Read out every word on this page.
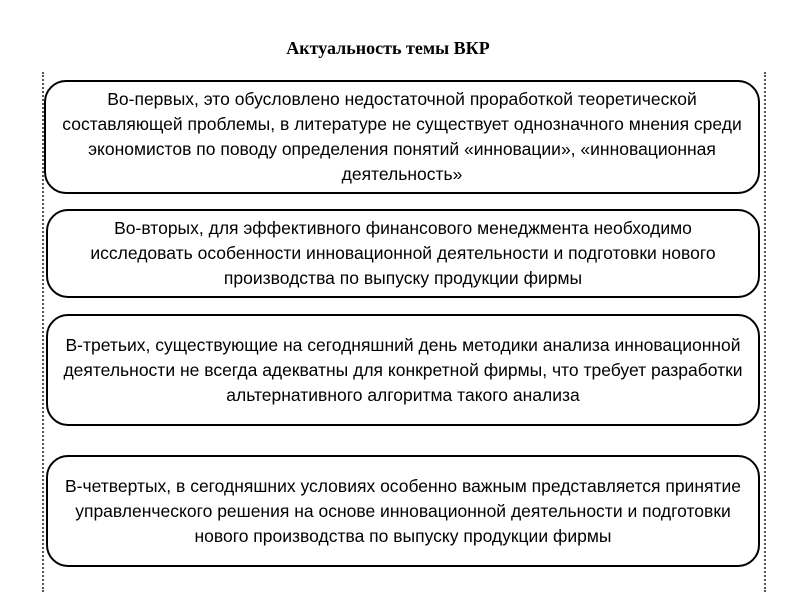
Актуальность темы ВКР
Во-первых, это обусловлено недостаточной проработкой теоретической составляющей проблемы, в литературе не существует однозначного мнения среди экономистов по поводу определения понятий «инновации», «инновационная деятельность»
Во-вторых, для эффективного финансового менеджмента необходимо исследовать особенности инновационной деятельности и подготовки нового производства по выпуску продукции фирмы
В-третьих, существующие на сегодняшний день методики анализа инновационной деятельности не всегда адекватны для конкретной фирмы, что требует разработки альтернативного алгоритма такого анализа
В-четвертых, в сегодняшних условиях особенно важным представляется принятие управленческого решения на основе инновационной деятельности и подготовки нового производства по выпуску продукции фирмы
